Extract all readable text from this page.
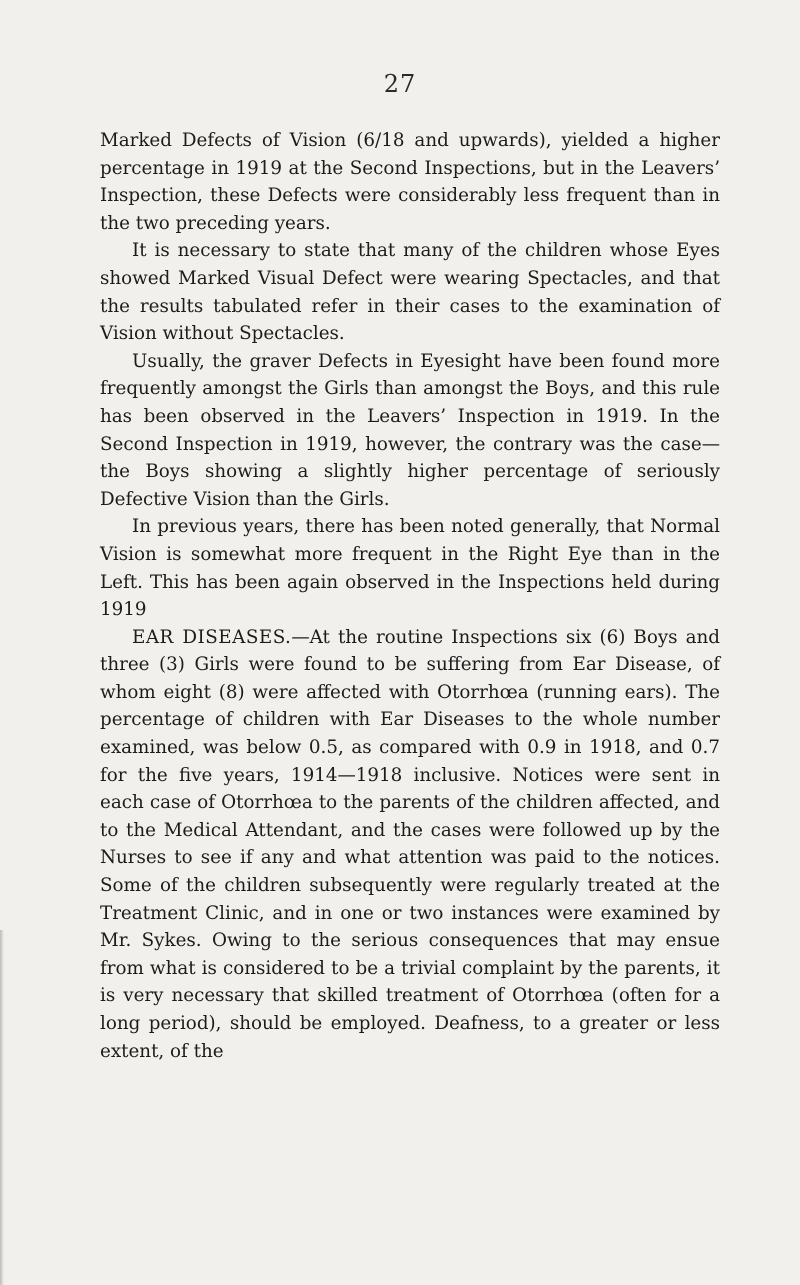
27

Marked Defects of Vision (6/18 and upwards), yielded a higher percentage in 1919 at the Second Inspections, but in the Leavers’ Inspection, these Defects were considerably less frequent than in the two preceding years.

It is necessary to state that many of the children whose Eyes showed Marked Visual Defect were wearing Spectacles, and that the results tabulated refer in their cases to the examination of Vision without Spectacles.

Usually, the graver Defects in Eyesight have been found more frequently amongst the Girls than amongst the Boys, and this rule has been observed in the Leavers’ Inspection in 1919. In the Second Inspection in 1919, however, the contrary was the case—the Boys showing a slightly higher percentage of seriously Defective Vision than the Girls.

In previous years, there has been noted generally, that Normal Vision is somewhat more frequent in the Right Eye than in the Left. This has been again observed in the Inspections held during 1919

EAR DISEASES.—At the routine Inspections six (6) Boys and three (3) Girls were found to be suffering from Ear Disease, of whom eight (8) were affected with Otorrhœa (running ears). The percentage of children with Ear Diseases to the whole number examined, was below 0.5, as compared with 0.9 in 1918, and 0.7 for the five years, 1914—1918 inclusive. Notices were sent in each case of Otorrhœa to the parents of the children affected, and to the Medical Attendant, and the cases were followed up by the Nurses to see if any and what attention was paid to the notices. Some of the children subsequently were regularly treated at the Treatment Clinic, and in one or two instances were examined by Mr. Sykes. Owing to the serious consequences that may ensue from what is considered to be a trivial complaint by the parents, it is very necessary that skilled treatment of Otorrhœa (often for a long period), should be employed. Deafness, to a greater or less extent, of the
